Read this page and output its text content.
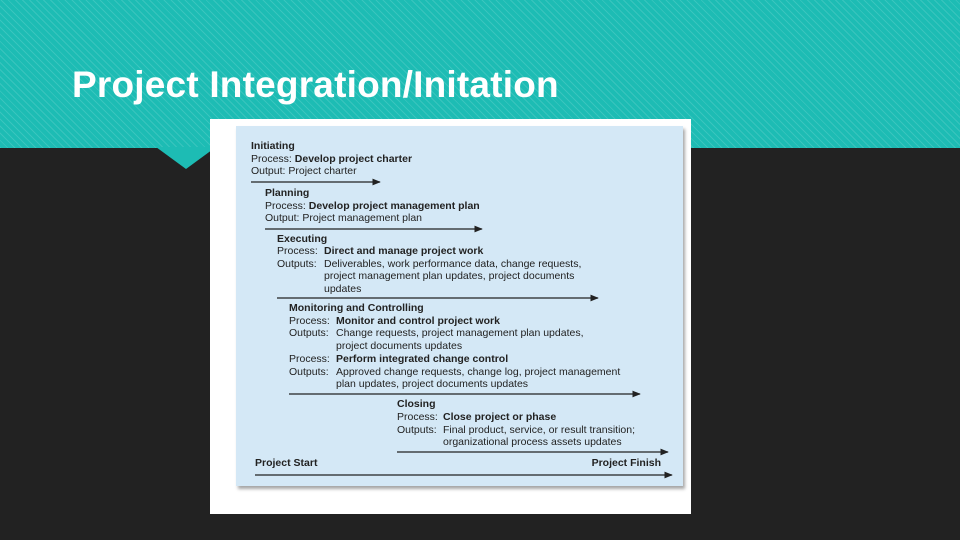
Project Integration/Initation
Initiating
Process: Develop project charter
Output: Project charter
Planning
Process: Develop project management plan
Output: Project management plan
Executing
Process: Direct and manage project work
Outputs: Deliverables, work performance data, change requests,
project management plan updates, project documents
updates
Monitoring and Controlling
Process: Monitor and control project work
Outputs: Change requests, project management plan updates,
project documents updates
Process: Perform integrated change control
Outputs: Approved change requests, change log, project management
plan updates, project documents updates
Closing
Process: Close project or phase
Outputs: Final product, service, or result transition;
organizational process assets updates
Project Start	Project Finish
